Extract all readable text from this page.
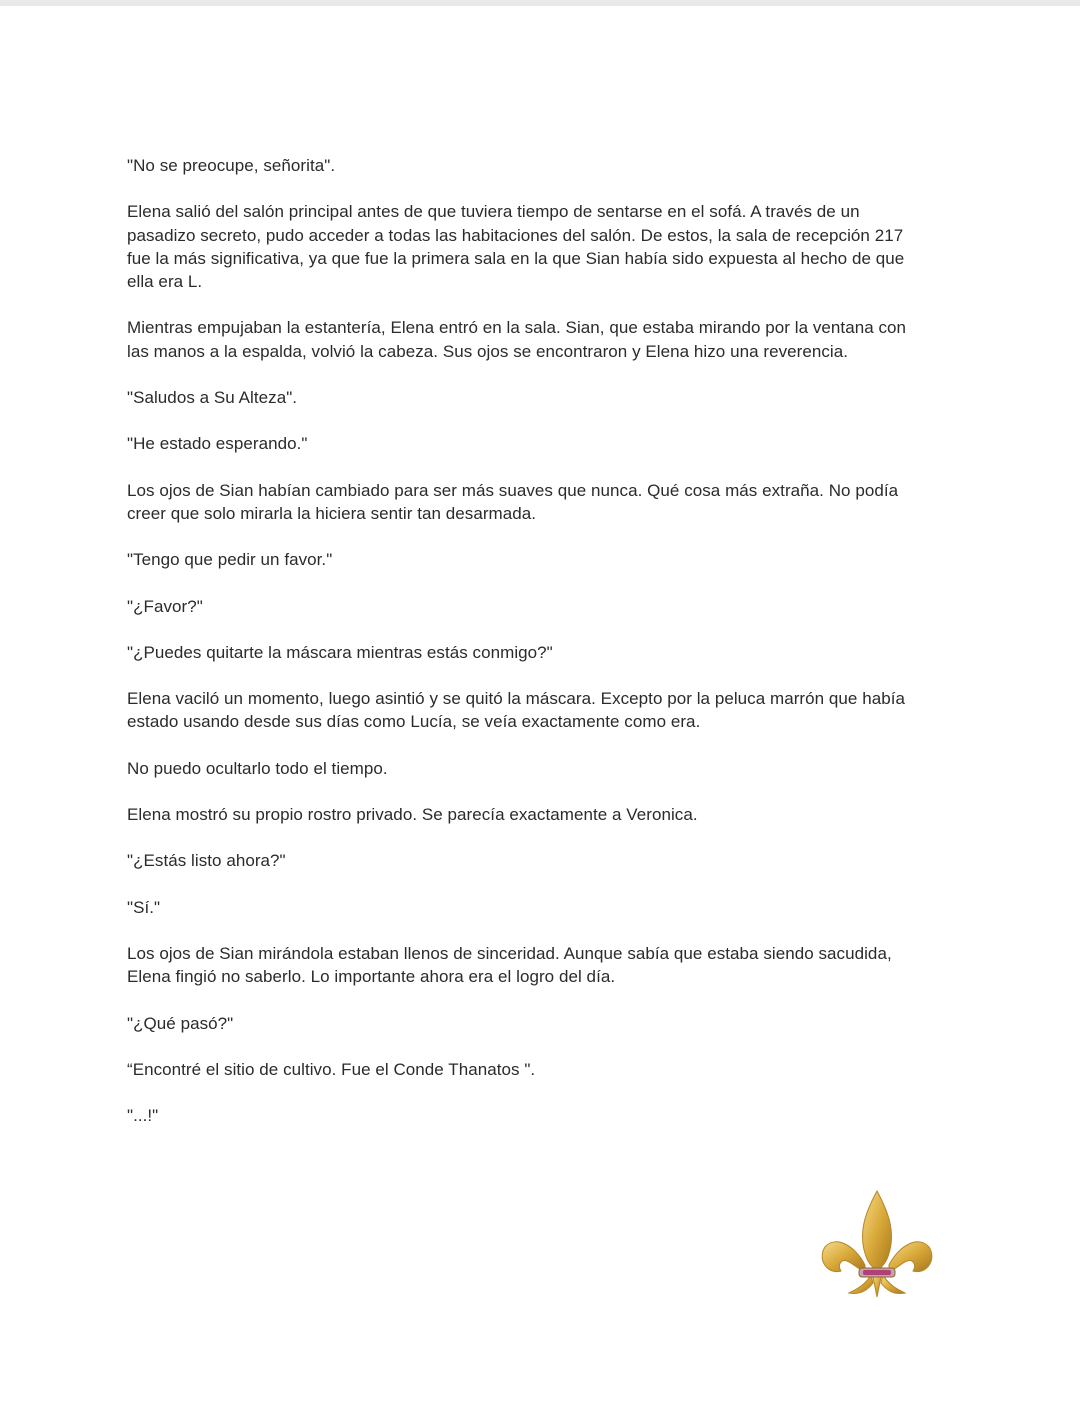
"No se preocupe, señorita".

Elena salió del salón principal antes de que tuviera tiempo de sentarse en el sofá. A través de un
pasadizo secreto, pudo acceder a todas las habitaciones del salón. De estos, la sala de recepción 217
fue la más significativa, ya que fue la primera sala en la que Sian había sido expuesta al hecho de que
ella era L.

Mientras empujaban la estantería, Elena entró en la sala. Sian, que estaba mirando por la ventana con
las manos a la espalda, volvió la cabeza. Sus ojos se encontraron y Elena hizo una reverencia.

"Saludos a Su Alteza".

"He estado esperando."

Los ojos de Sian habían cambiado para ser más suaves que nunca. Qué cosa más extraña. No podía
creer que solo mirarla la hiciera sentir tan desarmada.

"Tengo que pedir un favor."

"¿Favor?"

"¿Puedes quitarte la máscara mientras estás conmigo?"

Elena vaciló un momento, luego asintió y se quitó la máscara. Excepto por la peluca marrón que había
estado usando desde sus días como Lucía, se veía exactamente como era.

No puedo ocultarlo todo el tiempo.

Elena mostró su propio rostro privado. Se parecía exactamente a Veronica.

"¿Estás listo ahora?"

"Sí."

Los ojos de Sian mirándola estaban llenos de sinceridad. Aunque sabía que estaba siendo sacudida,
Elena fingió no saberlo. Lo importante ahora era el logro del día.

"¿Qué pasó?"

“Encontré el sitio de cultivo. Fue el Conde Thanatos ".

"...!"
